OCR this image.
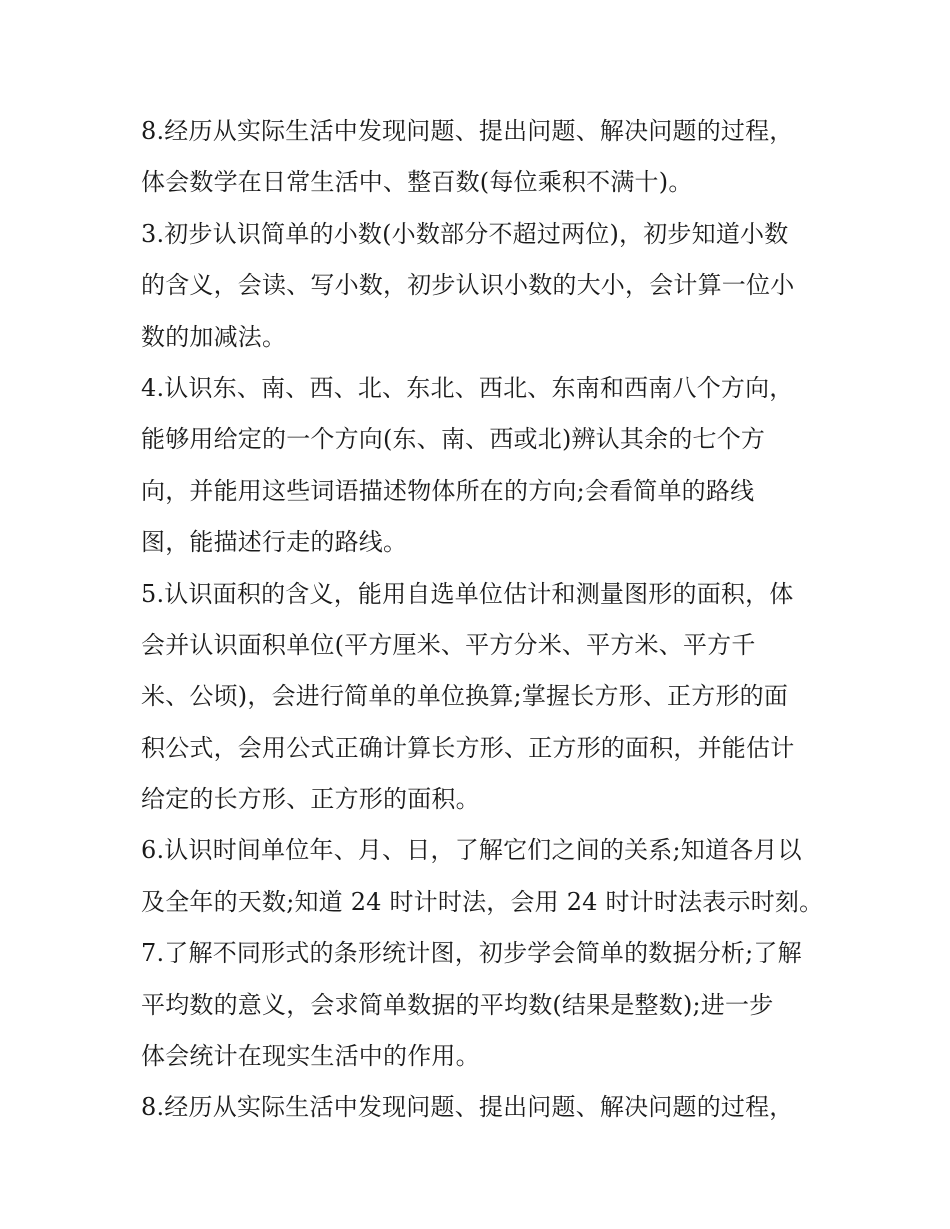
8.经历从实际生活中发现问题、提出问题、解决问题的过程，
体会数学在日常生活中、整百数(每位乘积不满十)。
3.初步认识简单的小数(小数部分不超过两位)，初步知道小数
的含义，会读、写小数，初步认识小数的大小，会计算一位小
数的加减法。
4.认识东、南、西、北、东北、西北、东南和西南八个方向，
能够用给定的一个方向(东、南、西或北)辨认其余的七个方
向，并能用这些词语描述物体所在的方向;会看简单的路线
图，能描述行走的路线。
5.认识面积的含义，能用自选单位估计和测量图形的面积，体
会并认识面积单位(平方厘米、平方分米、平方米、平方千
米、公顷)，会进行简单的单位换算;掌握长方形、正方形的面
积公式，会用公式正确计算长方形、正方形的面积，并能估计
给定的长方形、正方形的面积。
6.认识时间单位年、月、日，了解它们之间的关系;知道各月以
及全年的天数;知道 24 时计时法，会用 24 时计时法表示时刻。
7.了解不同形式的条形统计图，初步学会简单的数据分析;了解
平均数的意义，会求简单数据的平均数(结果是整数);进一步
体会统计在现实生活中的作用。
8.经历从实际生活中发现问题、提出问题、解决问题的过程，
